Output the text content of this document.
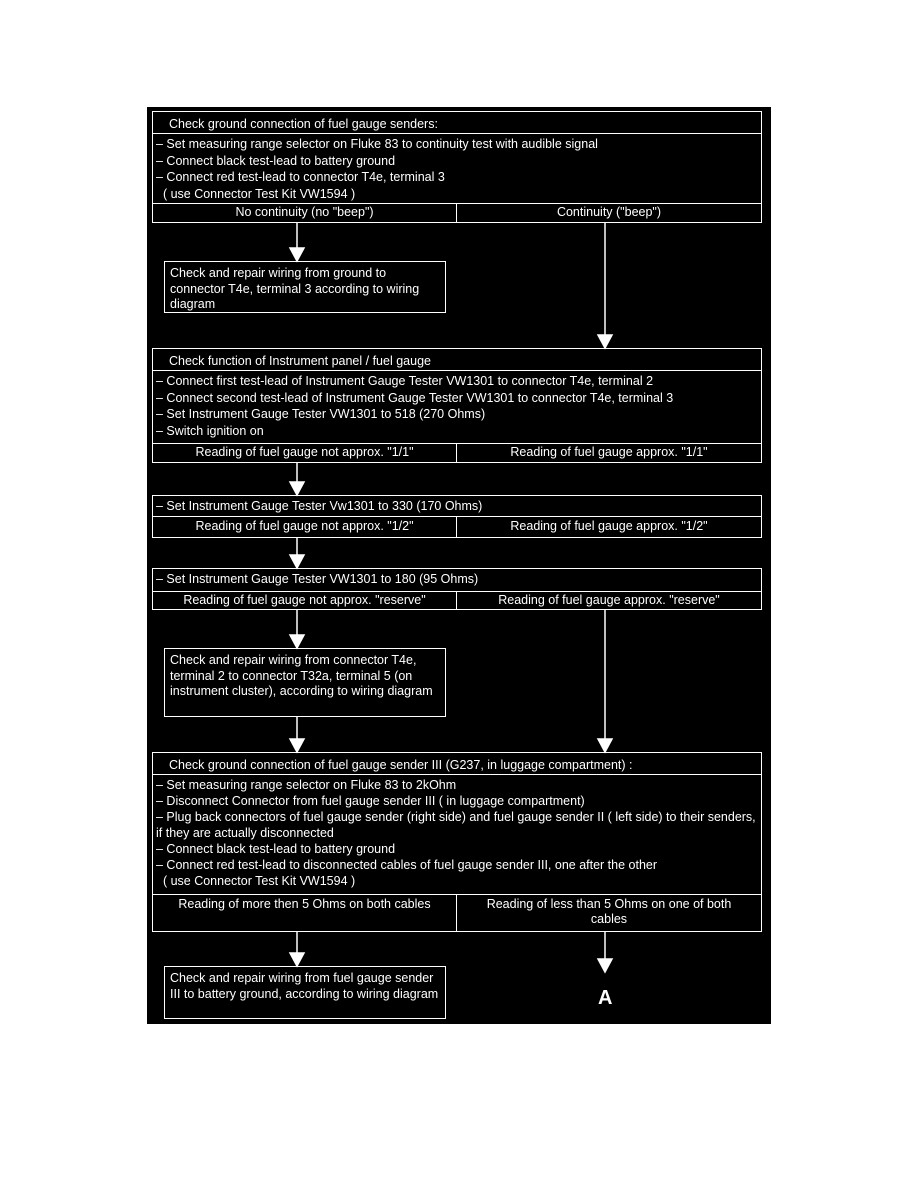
Check ground connection of fuel gauge senders:
– Set measuring range selector on Fluke 83 to continuity test with audible signal
– Connect black test-lead to battery ground
– Connect red test-lead to connector T4e, terminal 3
( use Connector Test Kit VW1594 )
No continuity (no "beep")	Continuity ("beep")
Check and repair wiring from ground to connector T4e, terminal 3 according to wiring diagram
Check function of Instrument panel / fuel gauge
– Connect first test-lead of Instrument Gauge Tester VW1301 to connector T4e, terminal 2
– Connect second test-lead of Instrument Gauge Tester VW1301 to connector T4e, terminal 3
– Set Instrument Gauge Tester VW1301 to 518 (270 Ohms)
– Switch ignition on
Reading of fuel gauge not approx. "1/1"	Reading of fuel gauge approx. "1/1"
– Set Instrument Gauge Tester Vw1301 to 330 (170 Ohms)
Reading of fuel gauge not approx. "1/2"	Reading of fuel gauge approx. "1/2"
– Set Instrument Gauge Tester VW1301 to 180 (95 Ohms)
Reading of fuel gauge not approx. "reserve"	Reading of fuel gauge approx. "reserve"
Check and repair wiring from connector T4e, terminal 2 to connector T32a, terminal 5 (on instrument cluster), according to wiring diagram
Check ground connection of fuel gauge sender III (G237, in luggage compartment) :
– Set measuring range selector on Fluke 83 to 2kOhm
– Disconnect Connector from fuel gauge sender III ( in luggage compartment)
– Plug back connectors of fuel gauge sender (right side) and fuel gauge sender II ( left side) to their senders, if they are actually disconnected
– Connect black test-lead to battery ground
– Connect red test-lead to disconnected cables of fuel gauge sender III, one after the other
( use Connector Test Kit VW1594 )
Reading of more then 5 Ohms on both cables	Reading of less than 5 Ohms on one of both cables
Check and repair wiring from fuel gauge sender III to battery ground, according to wiring diagram	A
